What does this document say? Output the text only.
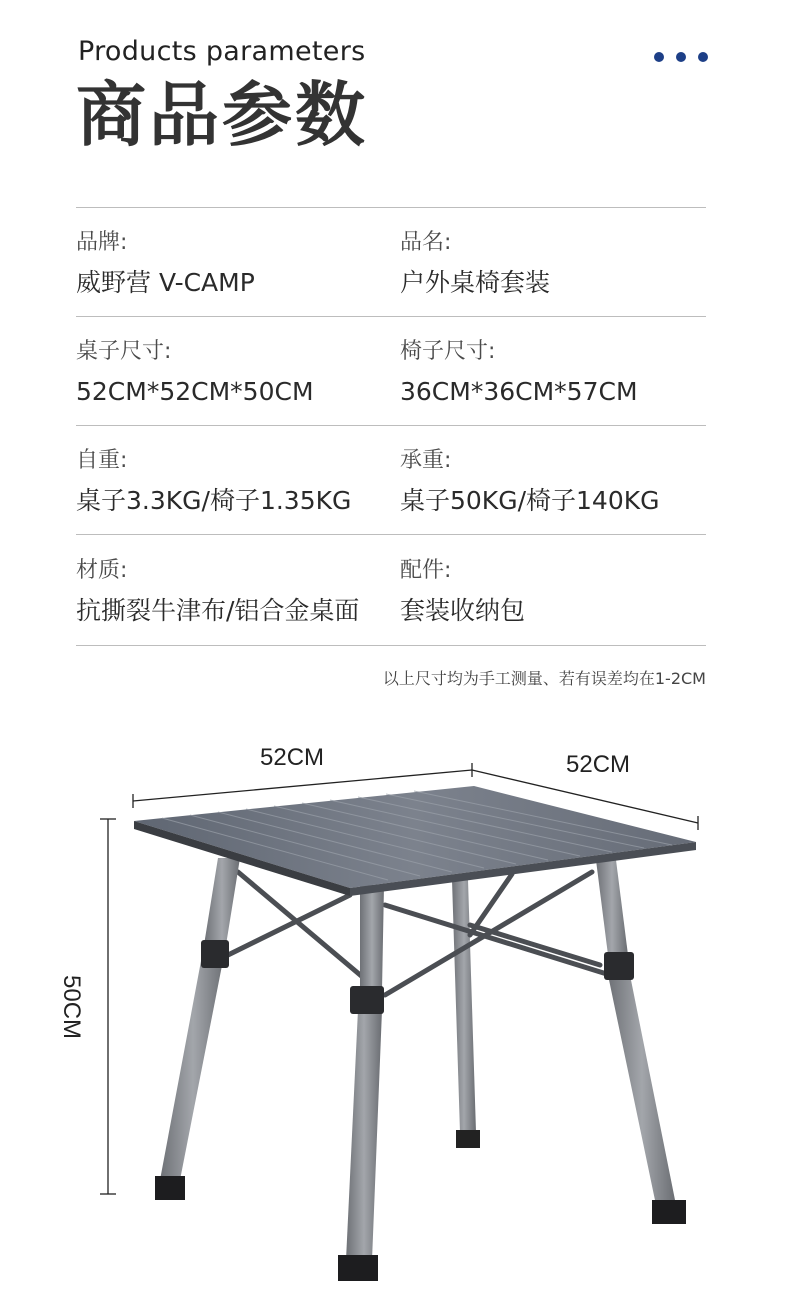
Products parameters
商品参数
品牌:
威野营 V-CAMP
品名:
户外桌椅套装
桌子尺寸:
52CM*52CM*50CM
椅子尺寸:
36CM*36CM*57CM
自重:
桌子3.3KG/椅子1.35KG
承重:
桌子50KG/椅子140KG
材质:
抗撕裂牛津布/铝合金桌面
配件:
套装收纳包
以上尺寸均为手工测量、若有误差均在1-2CM
52CM	52CM
50CM
